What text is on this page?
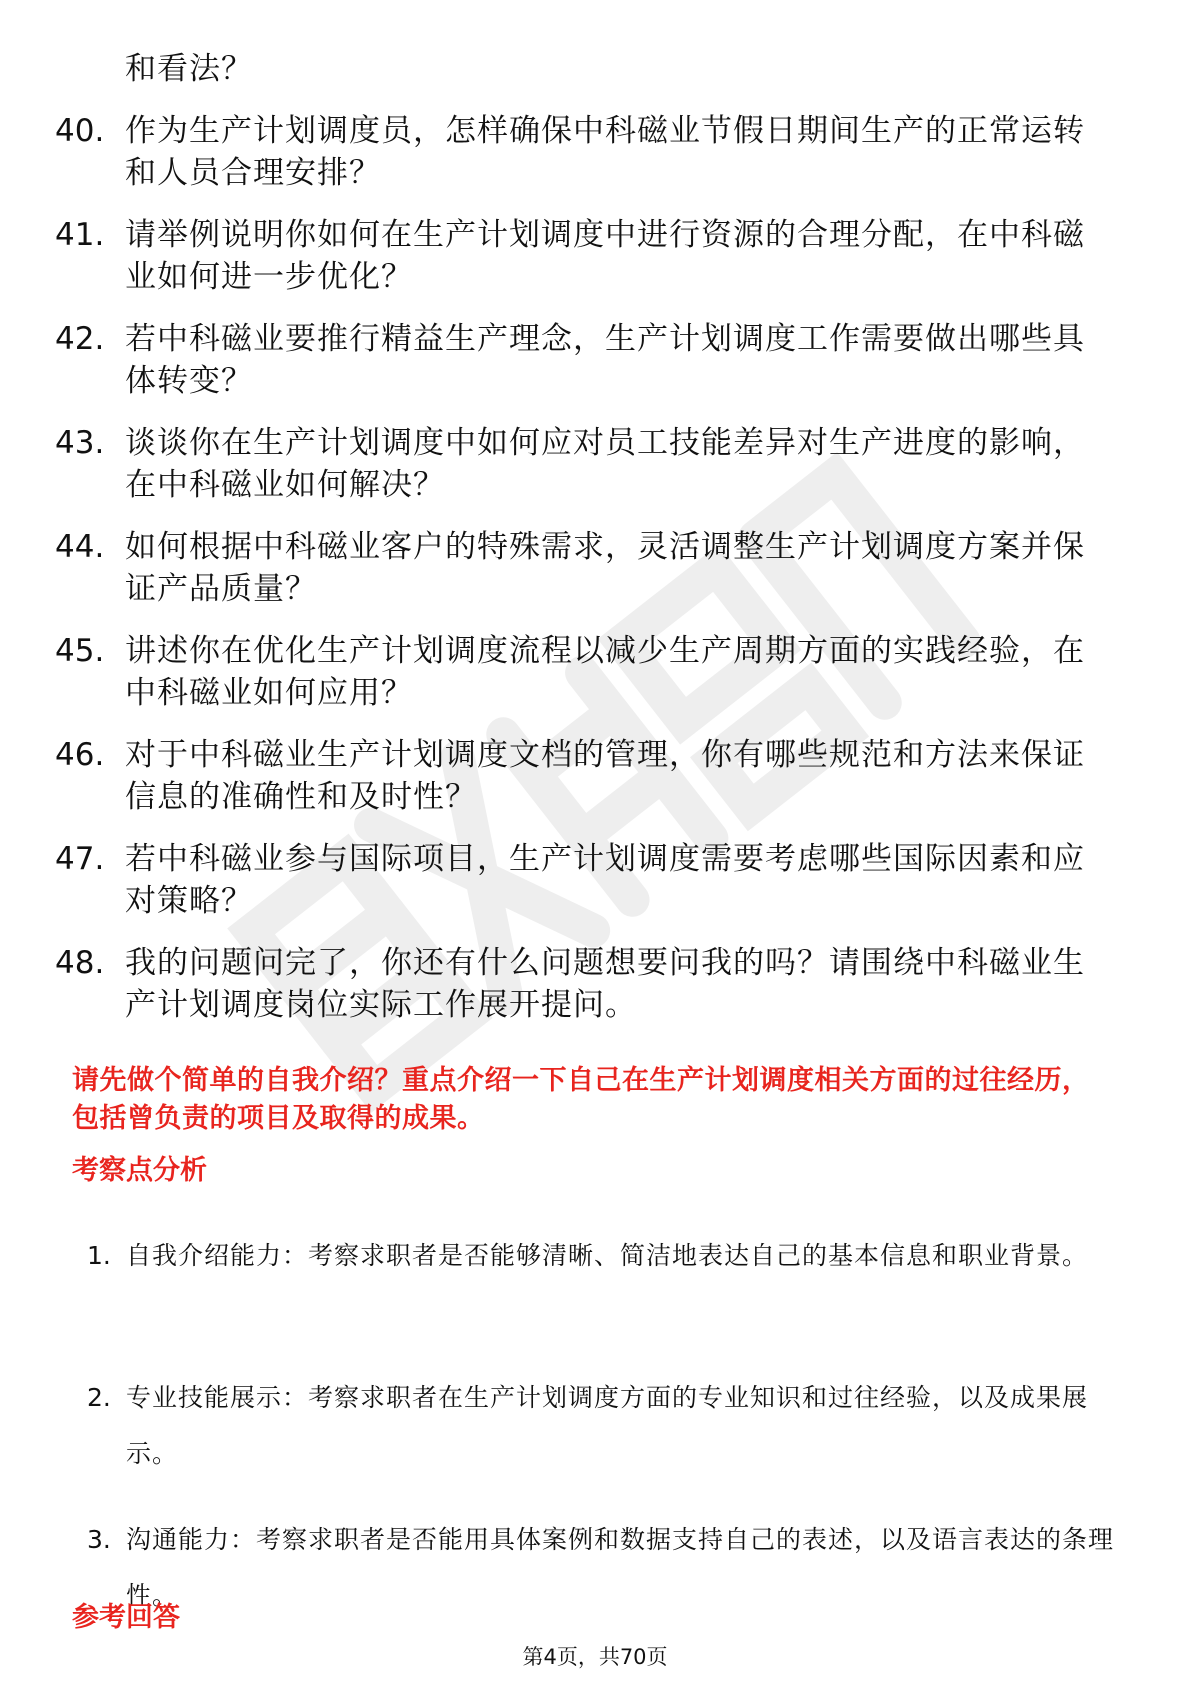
和看法？
40. 作为生产计划调度员，怎样确保中科磁业节假日期间生产的正常运转和人员合理安排？
41. 请举例说明你如何在生产计划调度中进行资源的合理分配，在中科磁业如何进一步优化？
42. 若中科磁业要推行精益生产理念，生产计划调度工作需要做出哪些具体转变？
43. 谈谈你在生产计划调度中如何应对员工技能差异对生产进度的影响，在中科磁业如何解决？
44. 如何根据中科磁业客户的特殊需求，灵活调整生产计划调度方案并保证产品质量？
45. 讲述你在优化生产计划调度流程以减少生产周期方面的实践经验，在中科磁业如何应用？
46. 对于中科磁业生产计划调度文档的管理，你有哪些规范和方法来保证信息的准确性和及时性？
47. 若中科磁业参与国际项目，生产计划调度需要考虑哪些国际因素和应对策略？
48. 我的问题问完了，你还有什么问题想要问我的吗？请围绕中科磁业生产计划调度岗位实际工作展开提问。
请先做个简单的自我介绍？重点介绍一下自己在生产计划调度相关方面的过往经历，包括曾负责的项目及取得的成果。
考察点分析
1. 自我介绍能力：考察求职者是否能够清晰、简洁地表达自己的基本信息和职业背景。
2. 专业技能展示：考察求职者在生产计划调度方面的专业知识和过往经验，以及成果展示。
3. 沟通能力：考察求职者是否能用具体案例和数据支持自己的表述，以及语言表达的条理性。
参考回答
第4页，共70页
